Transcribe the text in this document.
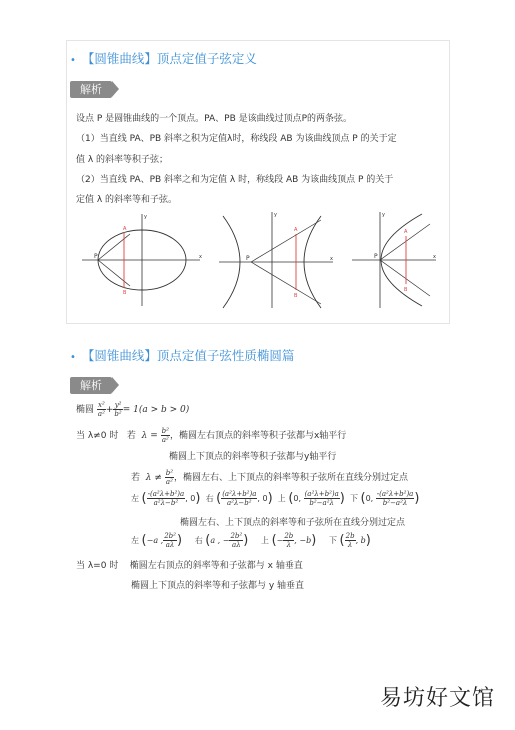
• 【圆锥曲线】顶点定值子弦定义
解析
设点 P 是圆锥曲线的一个顶点。PA、PB 是该曲线过顶点P的两条弦。
（1）当直线 PA、PB 斜率之积为定值λ时，称线段 AB 为该曲线顶点 P 的关于定
值 λ 的斜率等积子弦；
（2）当直线 PA、PB 斜率之和为定值 λ 时，称线段 AB 为该曲线顶点 P 的关于
定值 λ 的斜率等和子弦。
P
A
B
x
y
P
A
B
x
y
P
A
B
x
y
• 【圆锥曲线】顶点定值子弦性质椭圆篇
解析
椭圆 $\frac{\text{x²}}{\text{a²}} + \frac{\text{y²}}{\text{b²}} = 1(a > b > 0)$
当 λ≠0 时 若 $\lambda = \frac{\text{b²}}{\text{a²}}$ ，椭圆左右顶点的斜率等积子弦都与x轴平行
椭圆上下顶点的斜率等积子弦都与y轴平行
若 $\lambda \ne \frac{\text{b²}}{\text{a²}}$ ，椭圆左右、上下顶点的斜率等积子弦所在直线分别过定点
左 ( $\frac{\text{-(a²λ+b²)a}}{\text{a²λ−b²}}$ , 0) 右 ( $\frac{\text{(a²λ+b²)a}}{\text{a²λ−b²}}$ , 0) 上 (0, $\frac{\text{(a²λ+b²)a}}{\text{b²−a²λ}}$ ) 下 (0, $\frac{\text{-(a²λ+b²)a}}{\text{b²−a²λ}}$ )
椭圆左右、上下顶点的斜率等和子弦所在直线分别过定点
左 (−a , $\frac{\text{2b²}}{a\lambda}$ ) 右 (a , − $\frac{\text{2b²}}{a\lambda}$ ) 上 (− $\frac{2b}{\lambda}$ , −b) 下 ( $\frac{2b}{\lambda}$ , b)
当 λ=0 时 椭圆左右顶点的斜率等和子弦都与 x 轴垂直
椭圆上下顶点的斜率等和子弦都与 y 轴垂直
易坊好文馆
